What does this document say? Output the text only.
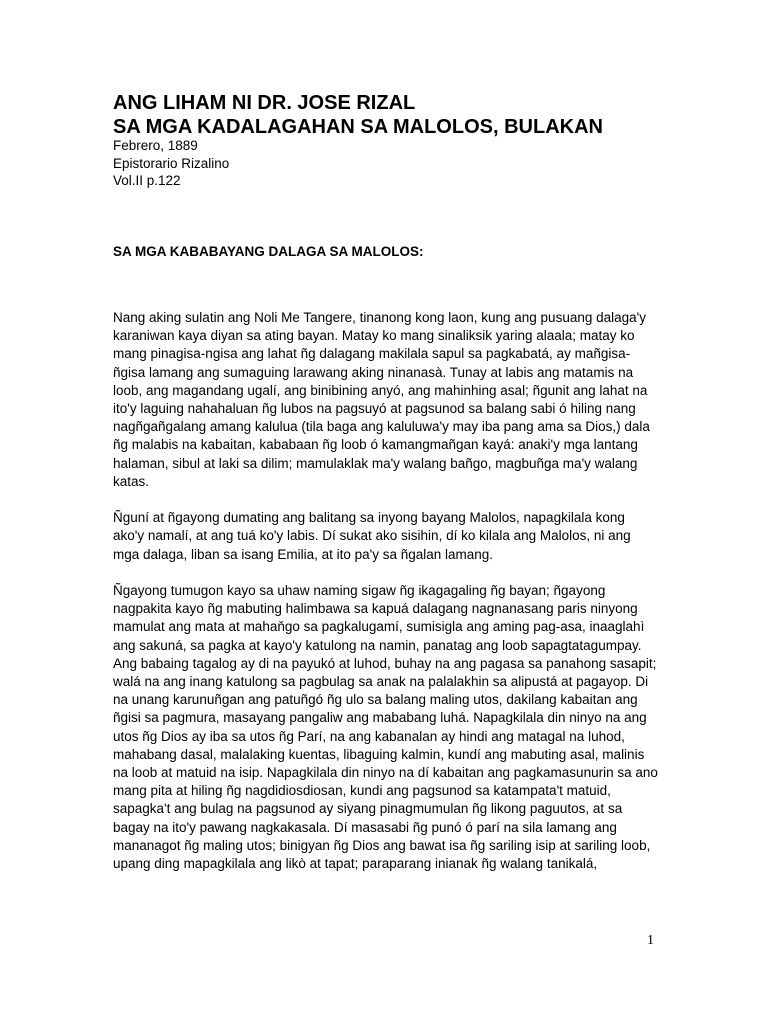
ANG LIHAM NI DR. JOSE RIZAL
SA MGA KADALAGAHAN SA MALOLOS, BULAKAN
Febrero, 1889
Epistorario Rizalino
Vol.II p.122
SA MGA KABABAYANG DALAGA SA MALOLOS:

Nang aking sulatin ang Noli Me Tangere, tinanong kong laon, kung ang pusuang dalaga'y karaniwan kaya diyan sa ating bayan. Matay ko mang sinaliksik yaring alaala; matay ko mang pinagisa-ngisa ang lahat ñg dalagang makilala sapul sa pagkabatá, ay mañgisa-ñgisa lamang ang sumaguing larawang aking ninanasà. Tunay at labis ang matamis na loob, ang magandang ugalí, ang binibining anyó, ang mahinhing asal; ñgunit ang lahat na ito'y laguing nahahaluan ñg lubos na pagsuyó at pagsunod sa balang sabi ó hiling nang nagñgañgalang amang kalulua (tila baga ang kaluluwa'y may iba pang ama sa Dios,) dala ñg malabis na kabaitan, kababaan ñg loob ó kamangmañgan kayá: anaki'y mga lantang halaman, sibul at laki sa dilim; mamulaklak ma'y walang bañgo, magbuñga ma'y walang katas.

Ñguní at ñgayong dumating ang balitang sa inyong bayang Malolos, napagkilala kong ako'y namalí, at ang tuá ko'y labis. Dí sukat ako sisihin, dí ko kilala ang Malolos, ni ang mga dalaga, liban sa isang Emilia, at ito pa'y sa ñgalan lamang.

Ñgayong tumugon kayo sa uhaw naming sigaw ñg ikagagaling ñg bayan; ñgayong nagpakita kayo ñg mabuting halimbawa sa kapuá dalagang nagnanasang paris ninyong mamulat ang mata at mahaňgo sa pagkalugamí, sumisigla ang aming pag-asa, inaaglahì ang sakuná, sa pagka at kayo'y katulong na namin, panatag ang loob sapagtatagumpay. Ang babaing tagalog ay di na payukó at luhod, buhay na ang pagasa sa panahong sasapit; walá na ang inang katulong sa pagbulag sa anak na palalakhin sa alipustá at pagayop. Di na unang karunuñgan ang patuñgó ñg ulo sa balang maling utos, dakilang kabaitan ang ñgisi sa pagmura, masayang pangaliw ang mababang luhá. Napagkilala din ninyo na ang utos ñg Dios ay iba sa utos ñg Parí, na ang kabanalan ay hindi ang matagal na luhod, mahabang dasal, malalaking kuentas, libaguing kalmin, kundí ang mabuting asal, malinis na loob at matuid na isip. Napagkilala din ninyo na dí kabaitan ang pagkamasunurin sa ano mang pita at hiling ñg nagdidiosdiosan, kundi ang pagsunod sa katampata't matuid, sapagka't ang bulag na pagsunod ay siyang pinagmumulan ñg likong paguutos, at sa bagay na ito'y pawang nagkakasala. Dí masasabi ñg punó ó parí na sila lamang ang mananagot ñg maling utos; binigyan ñg Dios ang bawat isa ñg sariling isip at sariling loob, upang ding mapagkilala ang likò at tapat; paraparang inianak ñg walang tanikalá,

1
